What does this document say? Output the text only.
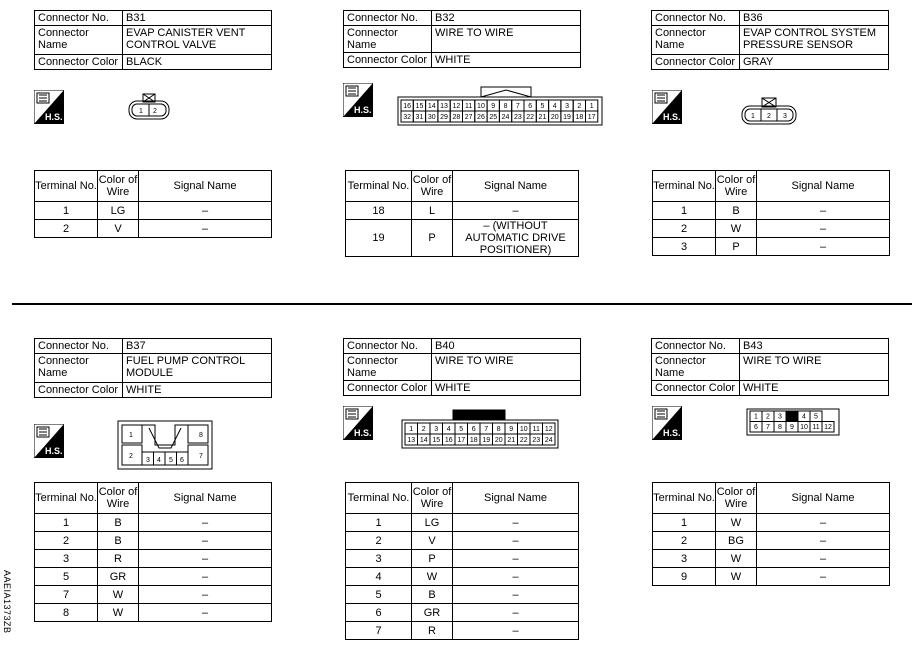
Connector No.	B31
Connector Name	EVAP CANISTER VENT CONTROL VALVE
Connector Color	BLACK
Connector No.	B32
Connector Name	WIRE TO WIRE
Connector Color	WHITE
Connector No.	B36
Connector Name	EVAP CONTROL SYSTEM PRESSURE SENSOR
Connector Color	GRAY
H.S.
H.S.
H.S.
1 2
16 15 14 13 12 11 10 9 8 7 6 5 4 3 2 1
32 31 30 29 28 27 26 25 24 23 22 21 20 19 18 17	1 2 3
Terminal No.	Color of
Wire	Signal Name
1	LG	–
2	V	–
Terminal No.	Color of
Wire	Signal Name
18	L	–
19	P	– (WITHOUT AUTOMATIC DRIVE POSITIONER)
Terminal No.	Color of
Wire	Signal Name
1	B	–
2	W	–
3	P	–
AAEIA1373ZB
Connector No.	B37
Connector Name	FUEL PUMP CONTROL MODULE
Connector Color	WHITE
Connector No.	B40
Connector Name	WIRE TO WIRE
Connector Color	WHITE
Connector No.	B43
Connector Name	WIRE TO WIRE
Connector Color	WHITE
H.S.
H.S.	H.S.
1	8
2	7
3 4 5 6
1 2 3 4 5 6 7 8 9 10 11 12
13 14 15 16 17 18 19 20 21 22 23 24
1 2 3	4 5
6 7 8 9 10 11 12
Terminal No.	Color of
Wire	Signal Name
1	B	–
2	B	–
3	R	–
5	GR	–
7	W	–
8	W	–
Terminal No.	Color of
Wire	Signal Name
1	LG	–
2	V	–
3	P	–
4	W	–
5	B	–
6	GR	–
7	R	–
Terminal No.	Color of
Wire	Signal Name
1	W	–
2	BG	–
3	W	–
9	W	–
